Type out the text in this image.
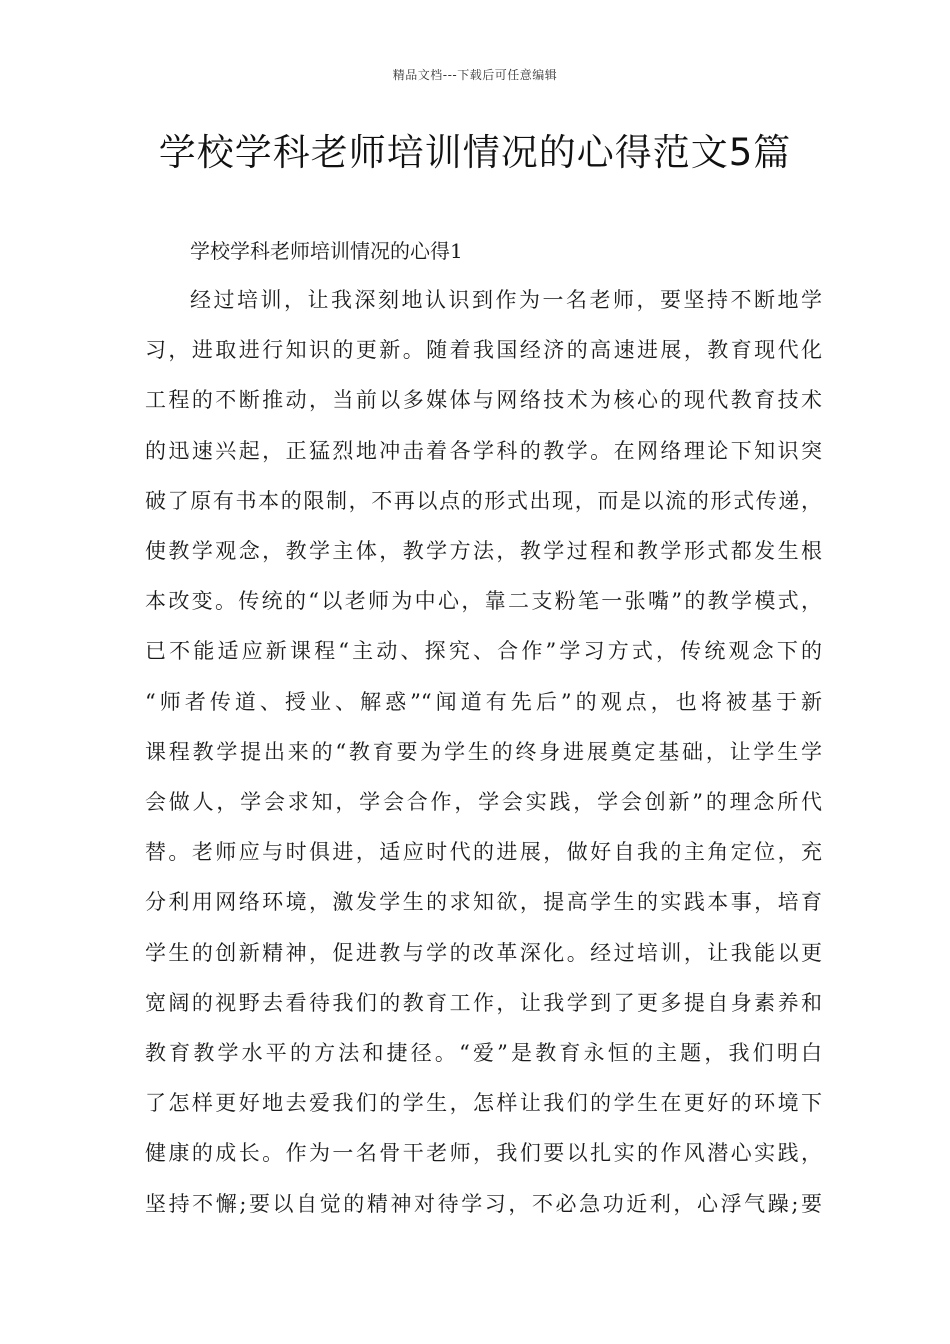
精品文档---下载后可任意编辑
学校学科老师培训情况的心得范文5篇
学校学科老师培训情况的心得1
经过培训，让我深刻地认识到作为一名老师，要坚持不断地学
习，进取进行知识的更新。随着我国经济的高速进展，教育现代化
工程的不断推动，当前以多媒体与网络技术为核心的现代教育技术
的迅速兴起，正猛烈地冲击着各学科的教学。在网络理论下知识突
破了原有书本的限制，不再以点的形式出现，而是以流的形式传递，
使教学观念，教学主体，教学方法，教学过程和教学形式都发生根
本改变。传统的“以老师为中心，靠二支粉笔一张嘴”的教学模式，
已不能适应新课程“主动、探究、合作”学习方式，传统观念下的
“师者传道、授业、解惑”“闻道有先后”的观点，也将被基于新
课程教学提出来的“教育要为学生的终身进展奠定基础，让学生学
会做人，学会求知，学会合作，学会实践，学会创新”的理念所代
替。老师应与时俱进，适应时代的进展，做好自我的主角定位，充
分利用网络环境，激发学生的求知欲，提高学生的实践本事，培育
学生的创新精神，促进教与学的改革深化。经过培训，让我能以更
宽阔的视野去看待我们的教育工作，让我学到了更多提自身素养和
教育教学水平的方法和捷径。“爱”是教育永恒的主题，我们明白
了怎样更好地去爱我们的学生，怎样让我们的学生在更好的环境下
健康的成长。作为一名骨干老师，我们要以扎实的作风潜心实践，
坚持不懈;要以自觉的精神对待学习，不必急功近利，心浮气躁;要
